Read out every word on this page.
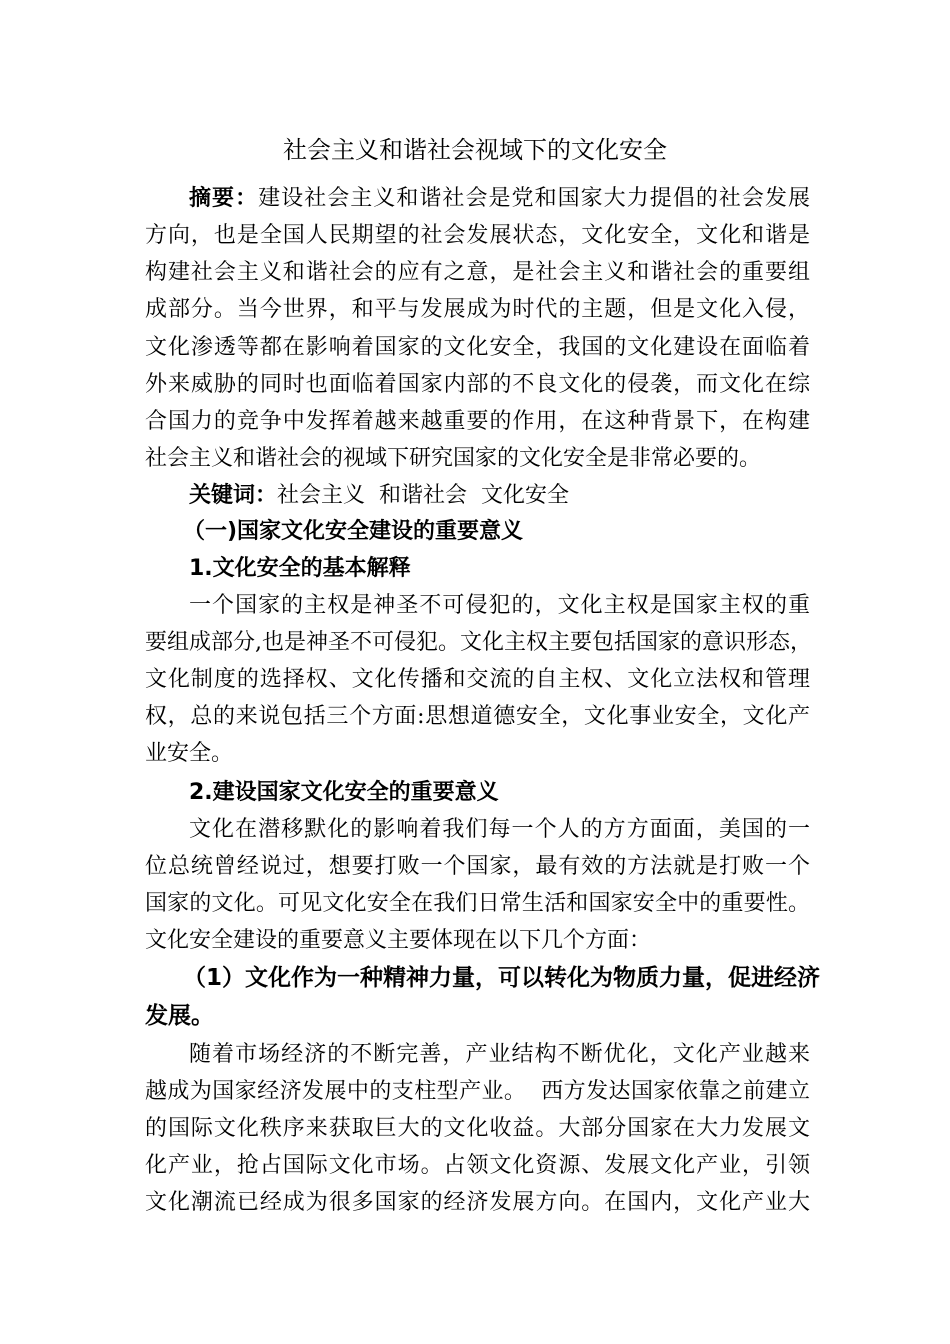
社会主义和谐社会视域下的文化安全
摘要：建设社会主义和谐社会是党和国家大力提倡的社会发展
方向，也是全国人民期望的社会发展状态，文化安全，文化和谐是
构建社会主义和谐社会的应有之意，是社会主义和谐社会的重要组
成部分。当今世界，和平与发展成为时代的主题，但是文化入侵，
文化渗透等都在影响着国家的文化安全，我国的文化建设在面临着
外来威胁的同时也面临着国家内部的不良文化的侵袭，而文化在综
合国力的竞争中发挥着越来越重要的作用，在这种背景下，在构建
社会主义和谐社会的视域下研究国家的文化安全是非常必要的。
关键词：社会主义  和谐社会  文化安全
（一)国家文化安全建设的重要意义
1.文化安全的基本解释
一个国家的主权是神圣不可侵犯的，文化主权是国家主权的重
要组成部分,也是神圣不可侵犯。文化主权主要包括国家的意识形态，
文化制度的选择权、文化传播和交流的自主权、文化立法权和管理
权，总的来说包括三个方面:思想道德安全，文化事业安全，文化产
业安全。
2.建设国家文化安全的重要意义
文化在潜移默化的影响着我们每一个人的方方面面，美国的一
位总统曾经说过，想要打败一个国家，最有效的方法就是打败一个
国家的文化。可见文化安全在我们日常生活和国家安全中的重要性。
文化安全建设的重要意义主要体现在以下几个方面：
（1）文化作为一种精神力量，可以转化为物质力量，促进经济
发展。
随着市场经济的不断完善，产业结构不断优化，文化产业越来
越成为国家经济发展中的支柱型产业。  西方发达国家依靠之前建立
的国际文化秩序来获取巨大的文化收益。大部分国家在大力发展文
化产业，抢占国际文化市场。占领文化资源、发展文化产业，引领
文化潮流已经成为很多国家的经济发展方向。在国内，文化产业大
